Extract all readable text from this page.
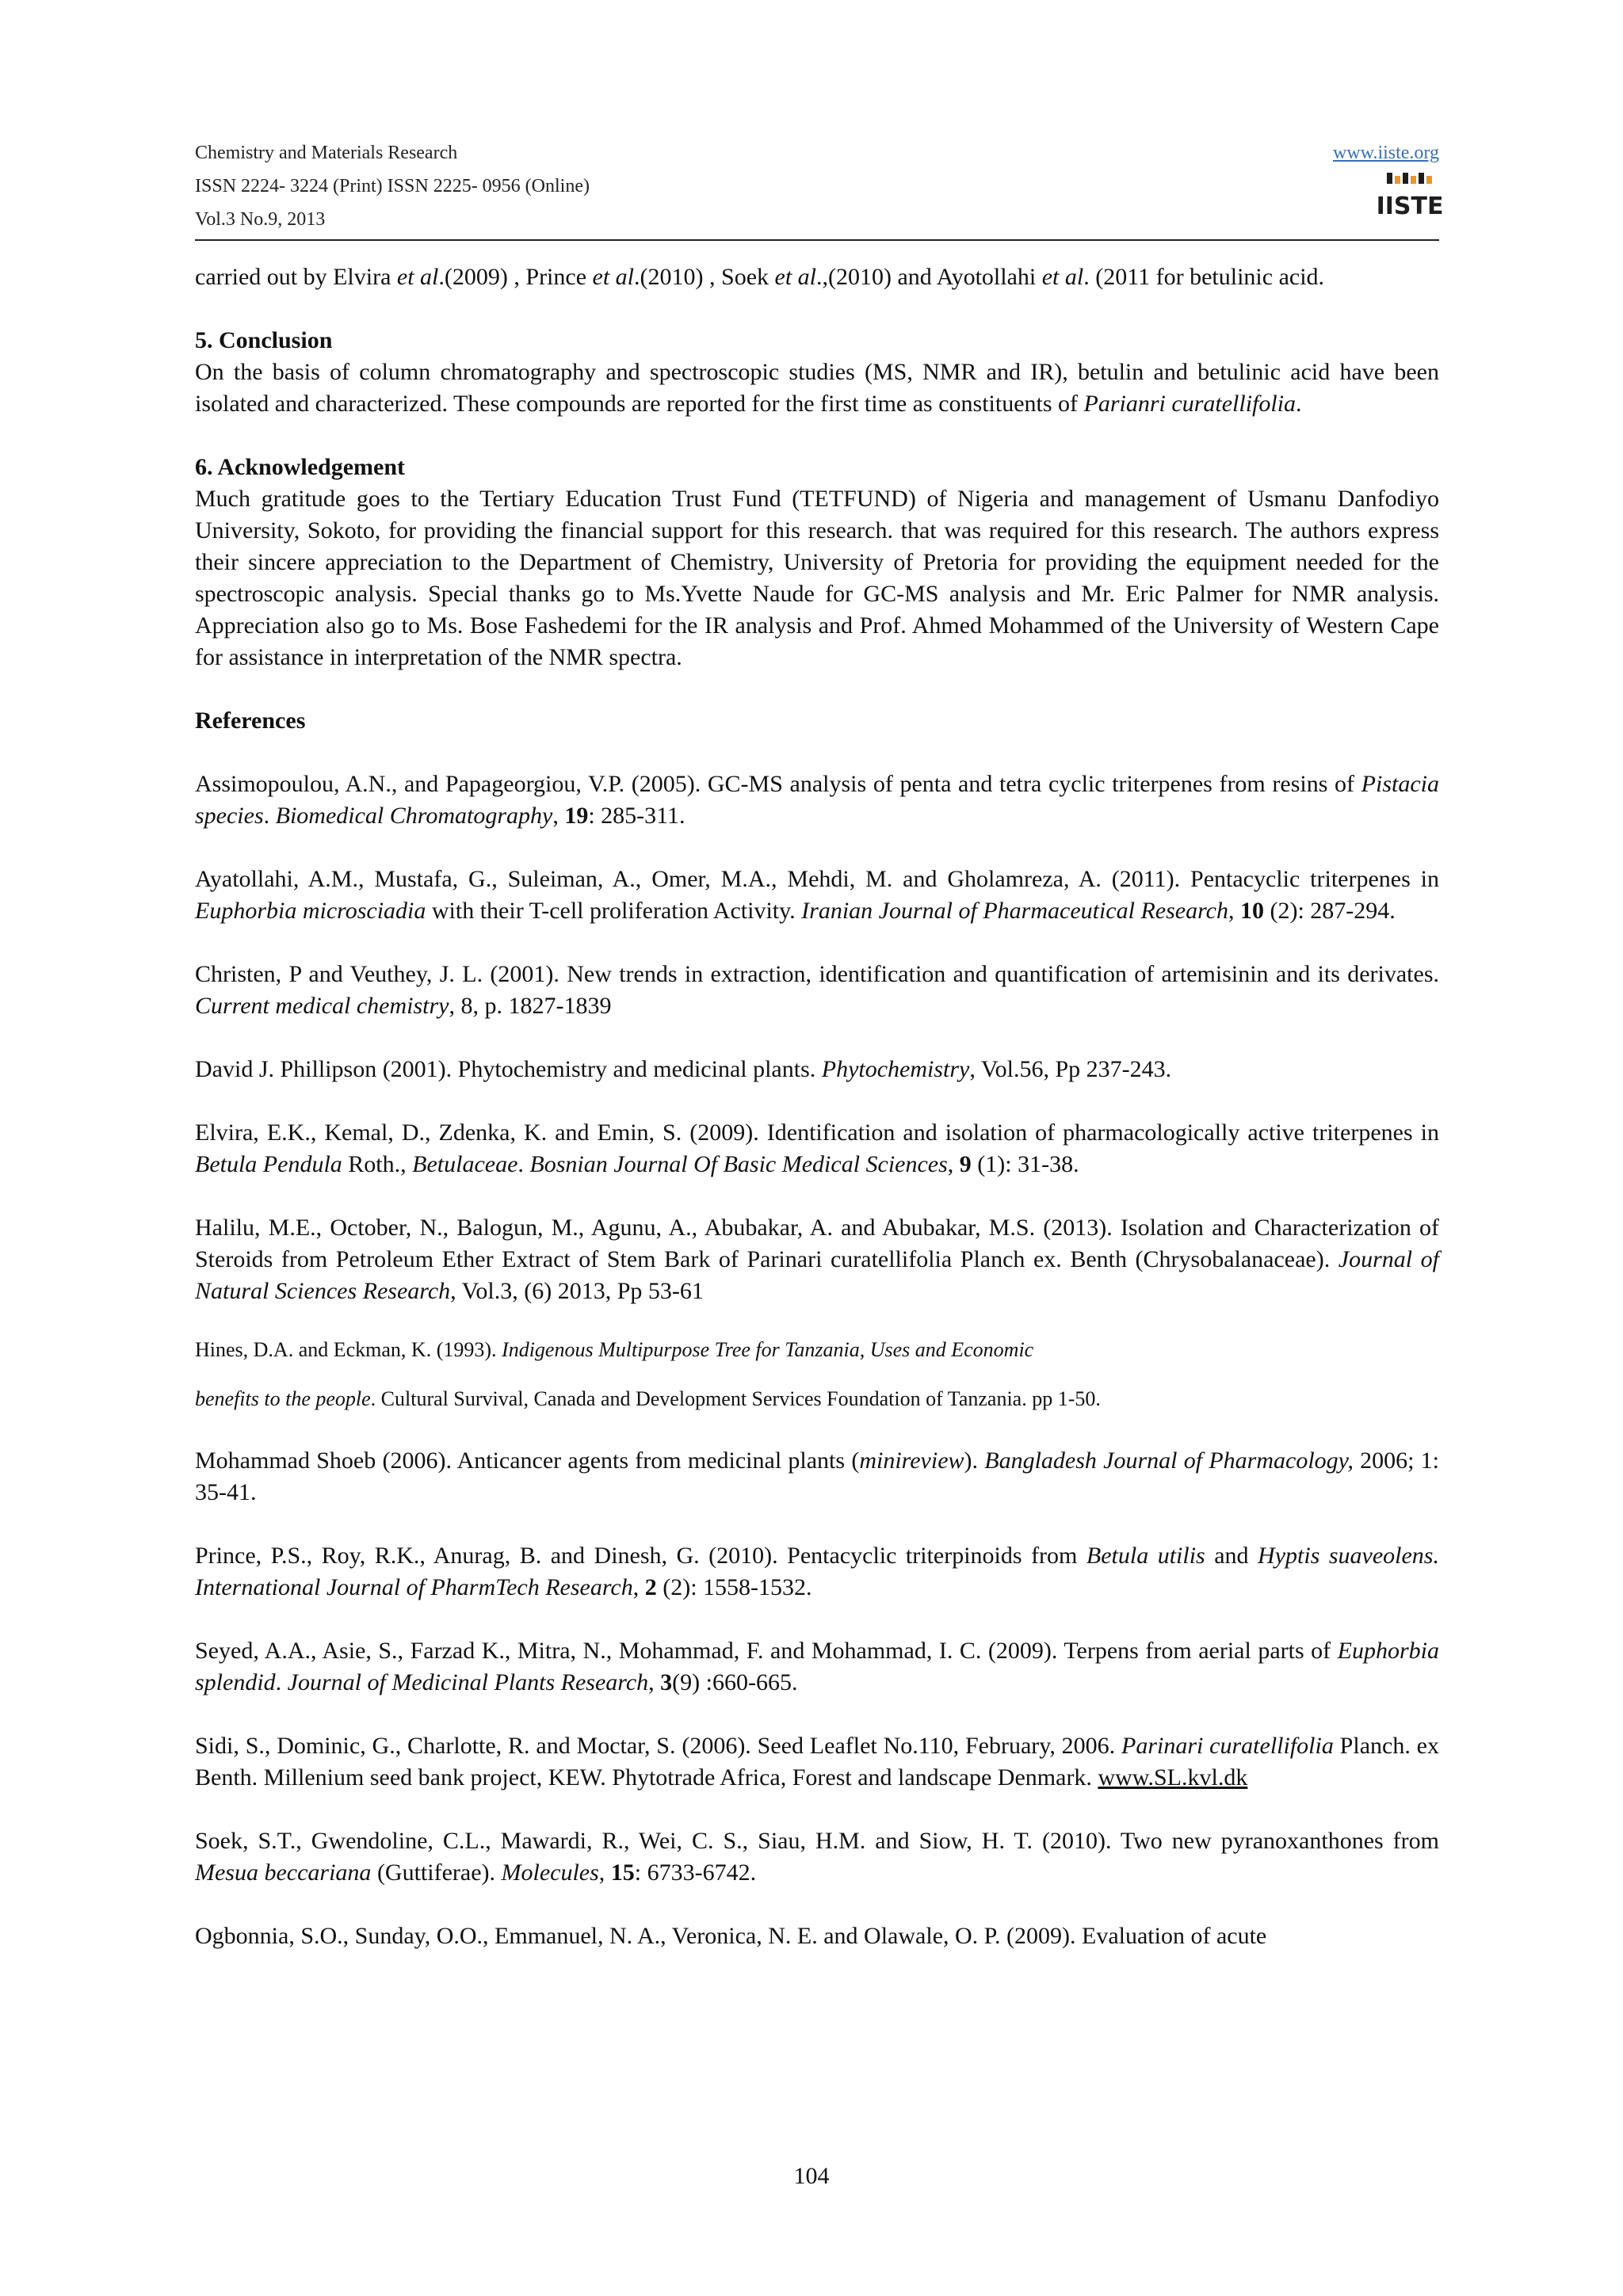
Chemistry and Materials Research
ISSN 2224- 3224 (Print) ISSN 2225- 0956 (Online)
Vol.3 No.9, 2013
www.iiste.org
IISTE

carried out by Elvira et al.(2009) , Prince et al.(2010) , Soek et al.,(2010) and Ayotollahi et al. (2011 for betulinic acid.

5. Conclusion

On the basis of column chromatography and spectroscopic studies (MS, NMR and IR), betulin and betulinic acid have been isolated and characterized. These compounds are reported for the first time as constituents of Parianri curatellifolia.

6. Acknowledgement

Much gratitude goes to the Tertiary Education Trust Fund (TETFUND) of Nigeria and management of Usmanu Danfodiyo University, Sokoto, for providing the financial support for this research. that was required for this research. The authors express their sincere appreciation to the Department of Chemistry, University of Pretoria for providing the equipment needed for the spectroscopic analysis. Special thanks go to Ms.Yvette Naude for GC-MS analysis and Mr. Eric Palmer for NMR analysis. Appreciation also go to Ms. Bose Fashedemi for the IR analysis and Prof. Ahmed Mohammed of the University of Western Cape for assistance in interpretation of the NMR spectra.

References

Assimopoulou, A.N., and Papageorgiou, V.P. (2005). GC-MS analysis of penta and tetra cyclic triterpenes from resins of Pistacia species. Biomedical Chromatography, 19: 285-311.

Ayatollahi, A.M., Mustafa, G., Suleiman, A., Omer, M.A., Mehdi, M. and Gholamreza, A. (2011). Pentacyclic triterpenes in Euphorbia microsciadia with their T-cell proliferation Activity. Iranian Journal of Pharmaceutical Research, 10 (2): 287-294.

Christen, P and Veuthey, J. L. (2001). New trends in extraction, identification and quantification of artemisinin and its derivates. Current medical chemistry, 8, p. 1827-1839

David J. Phillipson (2001). Phytochemistry and medicinal plants. Phytochemistry, Vol.56, Pp 237-243.

Elvira, E.K., Kemal, D., Zdenka, K. and Emin, S. (2009). Identification and isolation of pharmacologically active triterpenes in Betula Pendula Roth., Betulaceae. Bosnian Journal Of Basic Medical Sciences, 9 (1): 31-38.

Halilu, M.E., October, N., Balogun, M., Agunu, A., Abubakar, A. and Abubakar, M.S. (2013). Isolation and Characterization of Steroids from Petroleum Ether Extract of Stem Bark of Parinari curatellifolia Planch ex. Benth (Chrysobalanaceae). Journal of Natural Sciences Research, Vol.3, (6) 2013, Pp 53-61

Hines, D.A. and Eckman, K. (1993). Indigenous Multipurpose Tree for Tanzania, Uses and Economic

benefits to the people. Cultural Survival, Canada and Development Services Foundation of Tanzania. pp 1-50.

Mohammad Shoeb (2006). Anticancer agents from medicinal plants (minireview). Bangladesh Journal of Pharmacology, 2006; 1: 35-41.

Prince, P.S., Roy, R.K., Anurag, B. and Dinesh, G. (2010). Pentacyclic triterpinoids from Betula utilis and Hyptis suaveolens. International Journal of PharmTech Research, 2 (2): 1558-1532.

Seyed, A.A., Asie, S., Farzad K., Mitra, N., Mohammad, F. and Mohammad, I. C. (2009). Terpens from aerial parts of Euphorbia splendid. Journal of Medicinal Plants Research, 3(9) :660-665.

Sidi, S., Dominic, G., Charlotte, R. and Moctar, S. (2006). Seed Leaflet No.110, February, 2006. Parinari curatellifolia Planch. ex Benth. Millenium seed bank project, KEW. Phytotrade Africa, Forest and landscape Denmark. www.SL.kvl.dk

Soek, S.T., Gwendoline, C.L., Mawardi, R., Wei, C. S., Siau, H.M. and Siow, H. T. (2010). Two new pyranoxanthones from Mesua beccariana (Guttiferae). Molecules, 15: 6733-6742.

Ogbonnia, S.O., Sunday, O.O., Emmanuel, N. A., Veronica, N. E. and Olawale, O. P. (2009). Evaluation of acute

104
